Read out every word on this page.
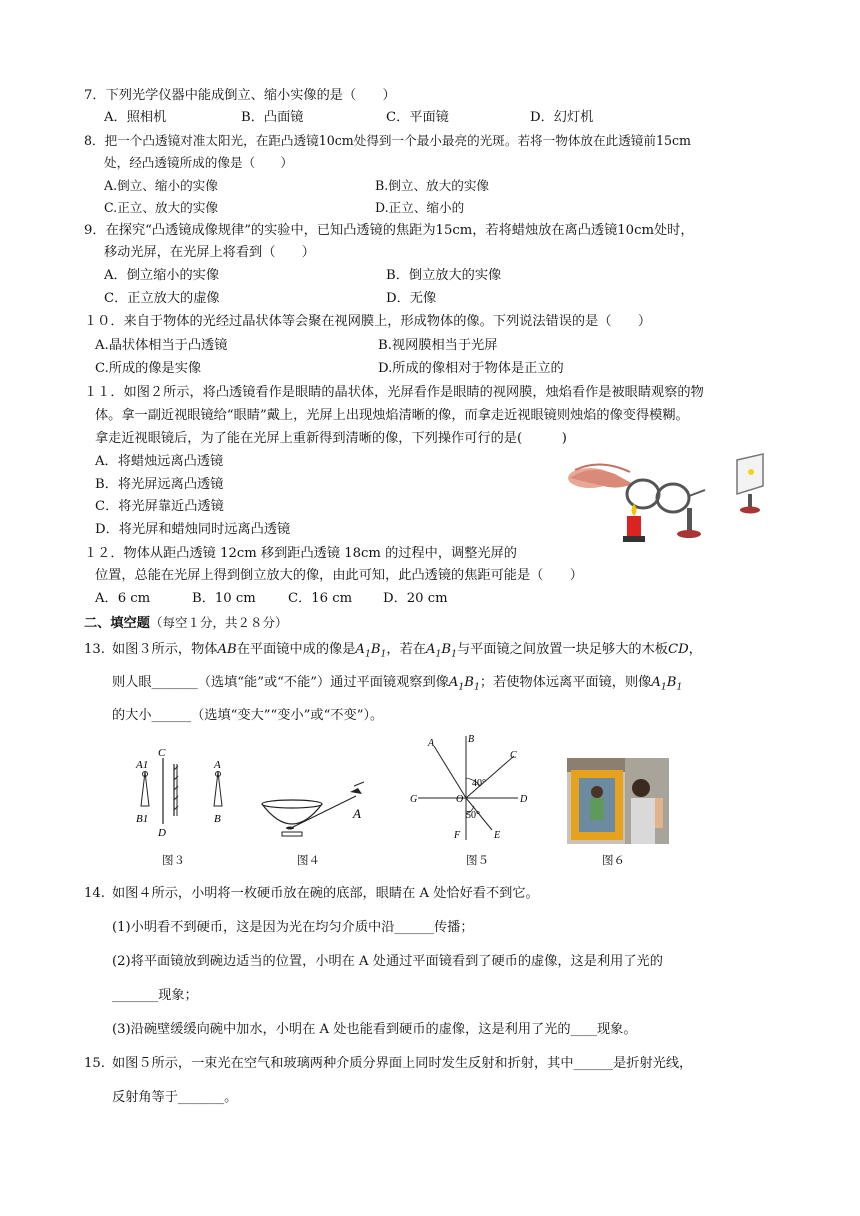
7．下列光学仪器中能成倒立、缩小实像的是（　　）
A．照相机	B．凸面镜	C．平面镜	D．幻灯机
8．把一个凸透镜对准太阳光，在距凸透镜10cm处得到一个最小最亮的光斑。若将一物体放在此透镜前15cm
处，经凸透镜所成的像是（　　）
A.倒立、缩小的实像	B.倒立、放大的实像
C.正立、放大的实像	D.正立、缩小的
9．在探究“凸透镜成像规律”的实验中，已知凸透镜的焦距为15cm，若将蜡烛放在离凸透镜10cm处时，
移动光屏，在光屏上将看到（　　）
A．倒立缩小的实像	B．倒立放大的实像
C．正立放大的虚像	D．无像
１０．来自于物体的光经过晶状体等会聚在视网膜上，形成物体的像。下列说法错误的是（　　）
A.晶状体相当于凸透镜	B.视网膜相当于光屏
C.所成的像是实像	D.所成的像相对于物体是正立的
１１．如图２所示，将凸透镜看作是眼睛的晶状体，光屏看作是眼睛的视网膜，烛焰看作是被眼睛观察的物
体。拿一副近视眼镜给“眼睛”戴上，光屏上出现烛焰清晰的像，而拿走近视眼镜则烛焰的像变得模糊。
拿走近视眼镜后，为了能在光屏上重新得到清晰的像，下列操作可行的是(　　　)
A．将蜡烛远离凸透镜
B．将光屏远离凸透镜
C．将光屏靠近凸透镜
D．将光屏和蜡烛同时远离凸透镜
１２．物体从距凸透镜 12cm 移到距凸透镜 18cm 的过程中，调整光屏的
位置，总能在光屏上得到倒立放大的像，由此可知，此凸透镜的焦距可能是（　　）
A．6 cm	B．10 cm C．16 cm D．20 cm
二、填空题（每空１分，共２８分）
13. 如图３所示，物体AB在平面镜中成的像是$A_1B_1$，若在$A_1B_1$与平面镜之间放置一块足够大的木板CD，
则人眼_______（选填“能”或“不能”）通过平面镜观察到像$A_1B_1$；若使物体远离平面镜，则像$A_1B_1$
的大小______（选填“变大”“变小”或“不变”）。
A1
C
A
B1
D
B
图３
A
图４
A	B
C
G	O	D
F	E
40°
50°
图５	图６
14. 如图４所示，小明将一枚硬币放在碗的底部，眼睛在 A 处恰好看不到它。
(1)小明看不到硬币，这是因为光在均匀介质中沿______传播；
(2)将平面镜放到碗边适当的位置，小明在 A 处通过平面镜看到了硬币的虚像，这是利用了光的
_______现象；
(3)沿碗壁缓缓向碗中加水，小明在 A 处也能看到硬币的虚像，这是利用了光的____现象。
15. 如图５所示，一束光在空气和玻璃两种介质分界面上同时发生反射和折射，其中______是折射光线，
反射角等于_______。
